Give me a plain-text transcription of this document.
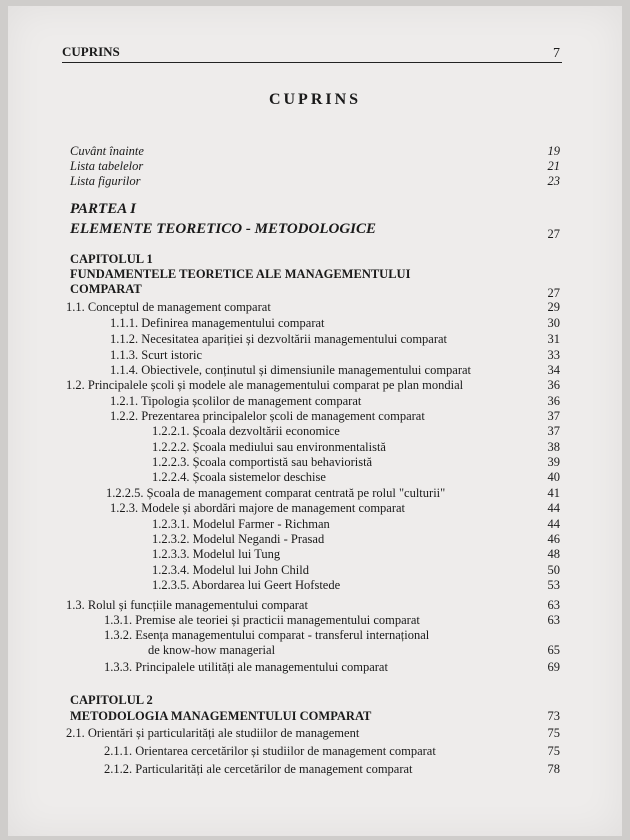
CUPRINS	7
CUPRINS
Cuvânt înainte	19
Lista tabelelor	21
Lista figurilor	23
PARTEA I
ELEMENTE TEORETICO - METODOLOGICE	27
CAPITOLUL 1
FUNDAMENTELE TEORETICE ALE MANAGEMENTULUI
COMPARAT	27
1.1. Conceptul de management comparat	29
1.1.1. Definirea managementului comparat	30
1.1.2. Necesitatea apariției și dezvoltării managementului comparat	31
1.1.3. Scurt istoric	33
1.1.4. Obiectivele, conținutul și dimensiunile managementului comparat	34
1.2. Principalele școli și modele ale managementului comparat pe plan mondial	36
1.2.1. Tipologia școlilor de management comparat	36
1.2.2. Prezentarea principalelor școli de management comparat	37
1.2.2.1. Școala dezvoltării economice	37
1.2.2.2. Școala mediului sau environmentalistă	38
1.2.2.3. Școala comportistă sau behavioristă	39
1.2.2.4. Școala sistemelor deschise	40
1.2.2.5. Școala de management comparat centrată pe rolul "culturii"	41
1.2.3. Modele și abordări majore de management comparat	44
1.2.3.1. Modelul Farmer - Richman	44
1.2.3.2. Modelul Negandi - Prasad	46
1.2.3.3. Modelul lui Tung	48
1.2.3.4. Modelul lui John Child	50
1.2.3.5. Abordarea lui Geert Hofstede	53
1.3. Rolul și funcțiile managementului comparat	63
1.3.1. Premise ale teoriei și practicii managementului comparat	63
1.3.2. Esența managementului comparat - transferul internațional
de know-how managerial	65
1.3.3. Principalele utilități ale managementului comparat	69
CAPITOLUL 2
METODOLOGIA MANAGEMENTULUI COMPARAT	73
2.1. Orientări și particularități ale studiilor de management	75
2.1.1. Orientarea cercetărilor și studiilor de management comparat	75
2.1.2. Particularități ale cercetărilor de management comparat	78
